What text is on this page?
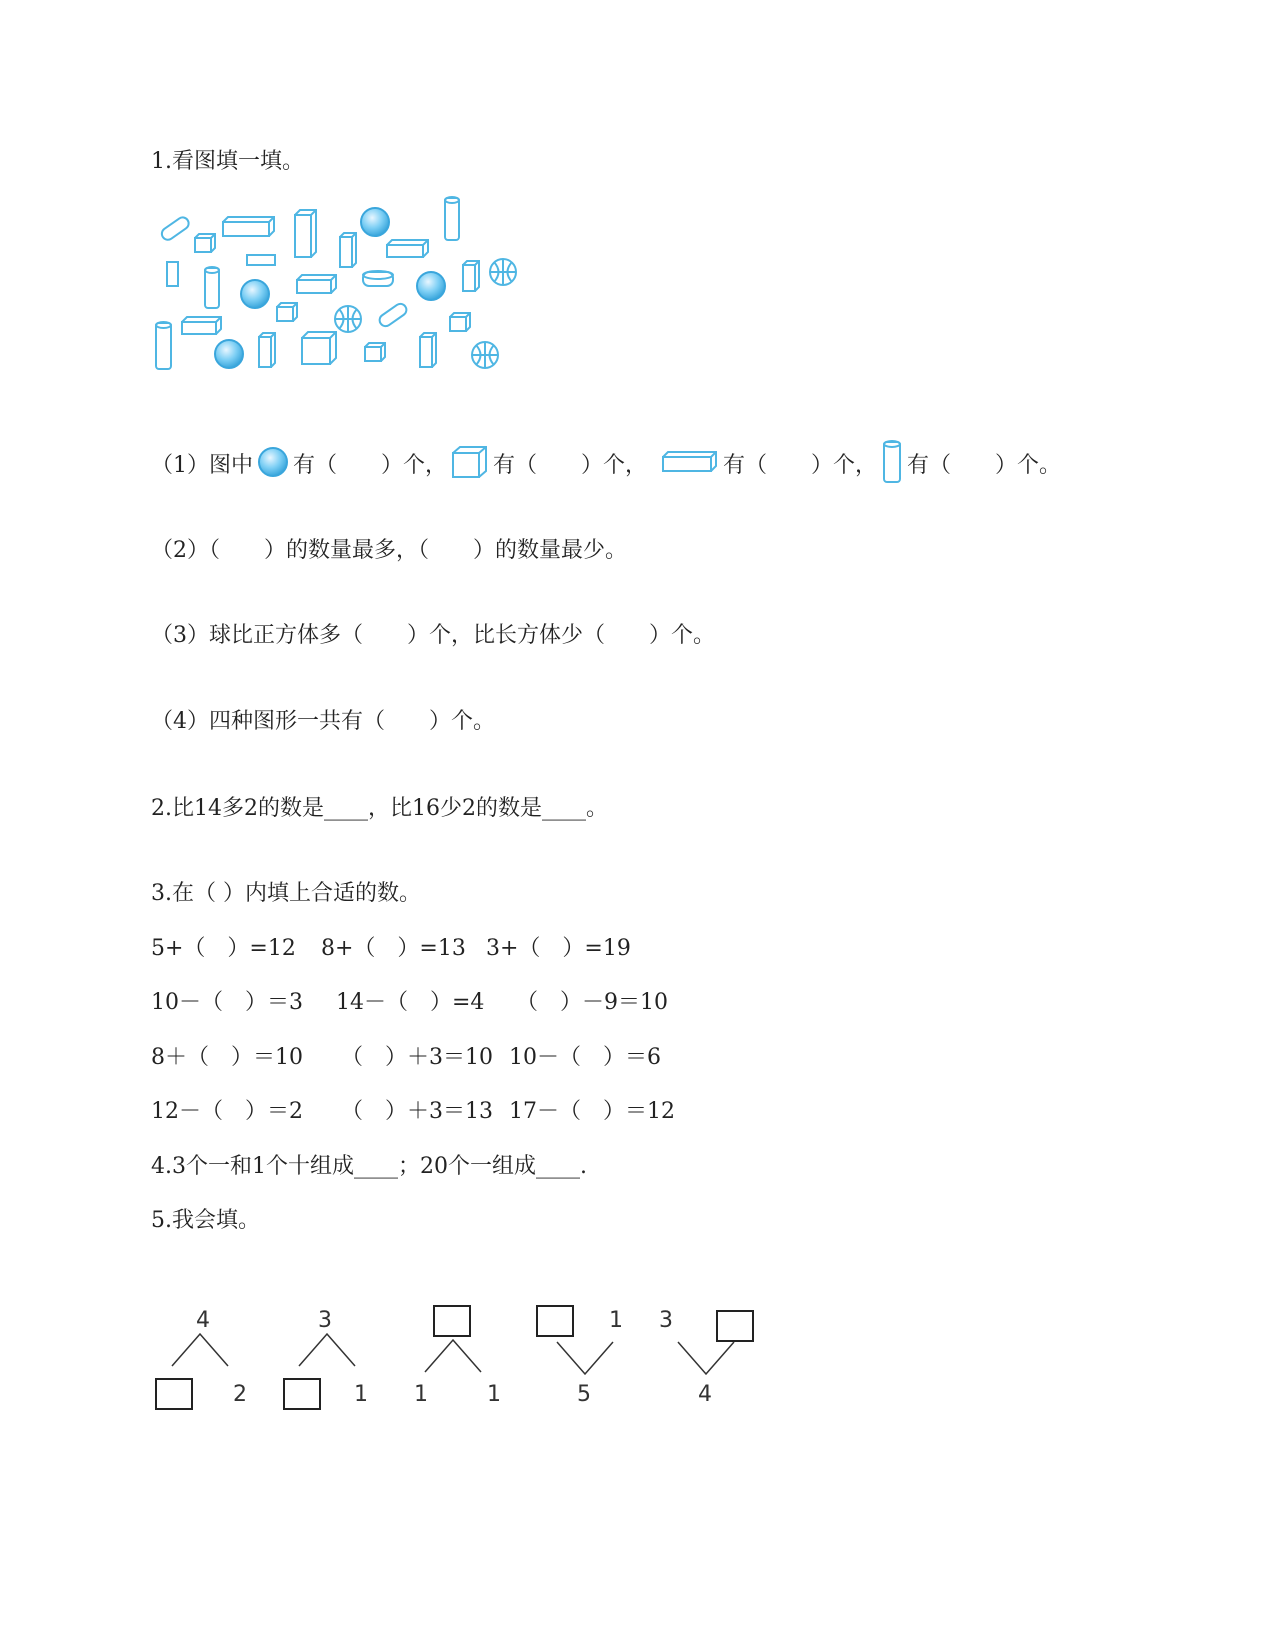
1.看图填一填。
（1）图中 有（　　）个， 有（　　）个，	有（　　）个， 有（　　）个。
（2）（　　）的数量最多，（　　）的数量最少。
（3）球比正方体多（　　）个，比长方体少（　　）个。
（4）四种图形一共有（　　）个。
2.比14多2的数是____，比16少2的数是____。
3.在（ ）内填上合适的数。
5+（　）=12 8+（　）=13 3+（　）=19
10－（　）＝3 14－（　）=4 （　）－9＝10
8＋（　）＝10 （　）＋3＝10 10－（　）＝6
12－（　）＝2 （　）＋3＝13 17－（　）＝12
4.3个一和1个十组成____；20个一组成____.
5.我会填。
4
2
3
1 1	1
1
5
3
4
